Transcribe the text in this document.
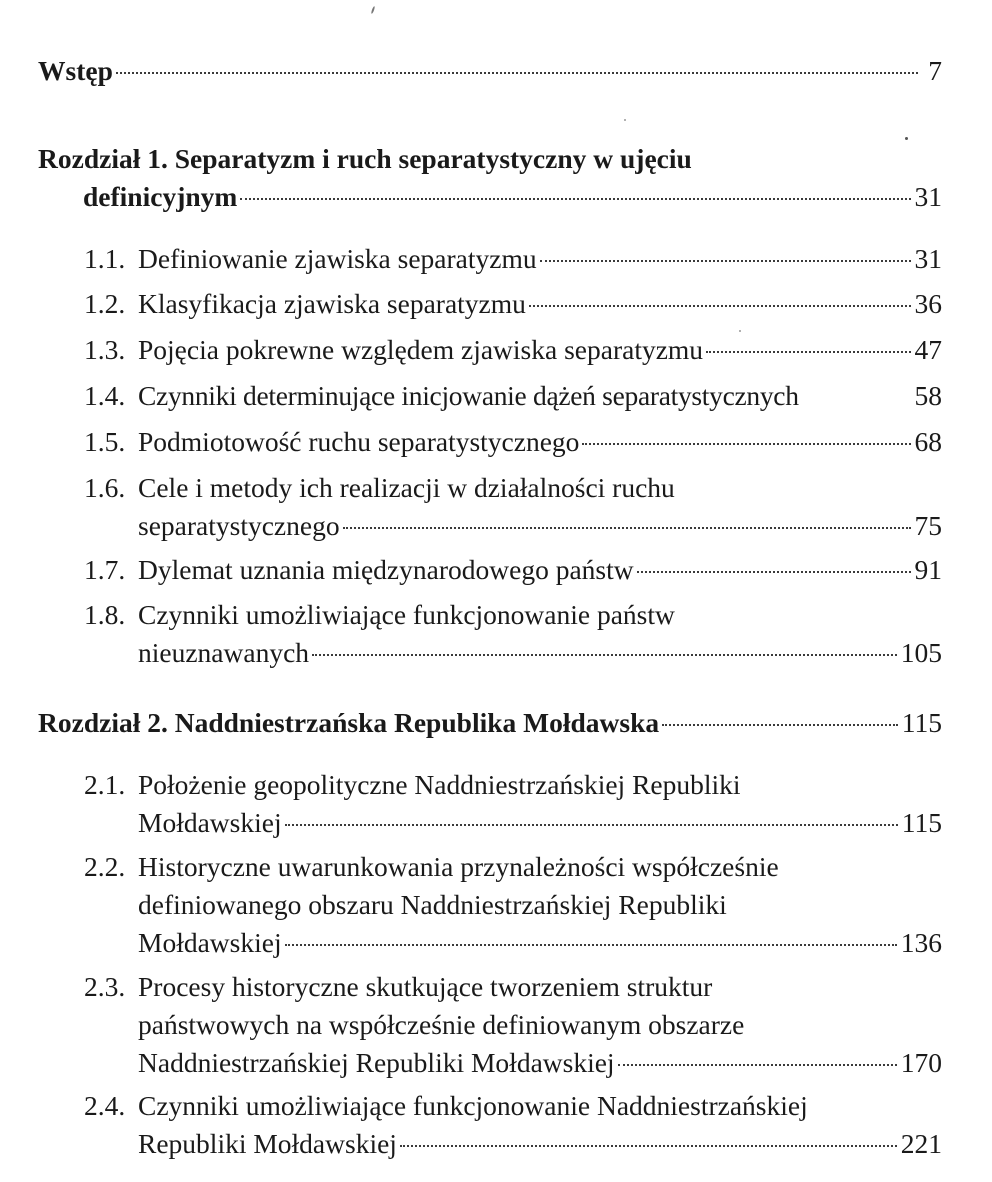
Wstęp	7
Rozdział 1. Separatyzm i ruch separatystyczny w ujęciu
definicyjnym	31
1.1. Definiowanie zjawiska separatyzmu	31
1.2. Klasyfikacja zjawiska separatyzmu	36
1.3. Pojęcia pokrewne względem zjawiska separatyzmu	47
1.4. Czynniki determinujące inicjowanie dążeń separatystycznych	58
1.5. Podmiotowość ruchu separatystycznego	68
1.6. Cele i metody ich realizacji w działalności ruchu
separatystycznego	75
1.7. Dylemat uznania międzynarodowego państw	91
1.8. Czynniki umożliwiające funkcjonowanie państw
nieuznawanych	105
Rozdział 2. Naddniestrzańska Republika Mołdawska	115
2.1. Położenie geopolityczne Naddniestrzańskiej Republiki
Mołdawskiej	115
2.2. Historyczne uwarunkowania przynależności współcześnie
definiowanego obszaru Naddniestrzańskiej Republiki
Mołdawskiej	136
2.3. Procesy historyczne skutkujące tworzeniem struktur
państwowych na współcześnie definiowanym obszarze
Naddniestrzańskiej Republiki Mołdawskiej	170
2.4. Czynniki umożliwiające funkcjonowanie Naddniestrzańskiej
Republiki Mołdawskiej	221
